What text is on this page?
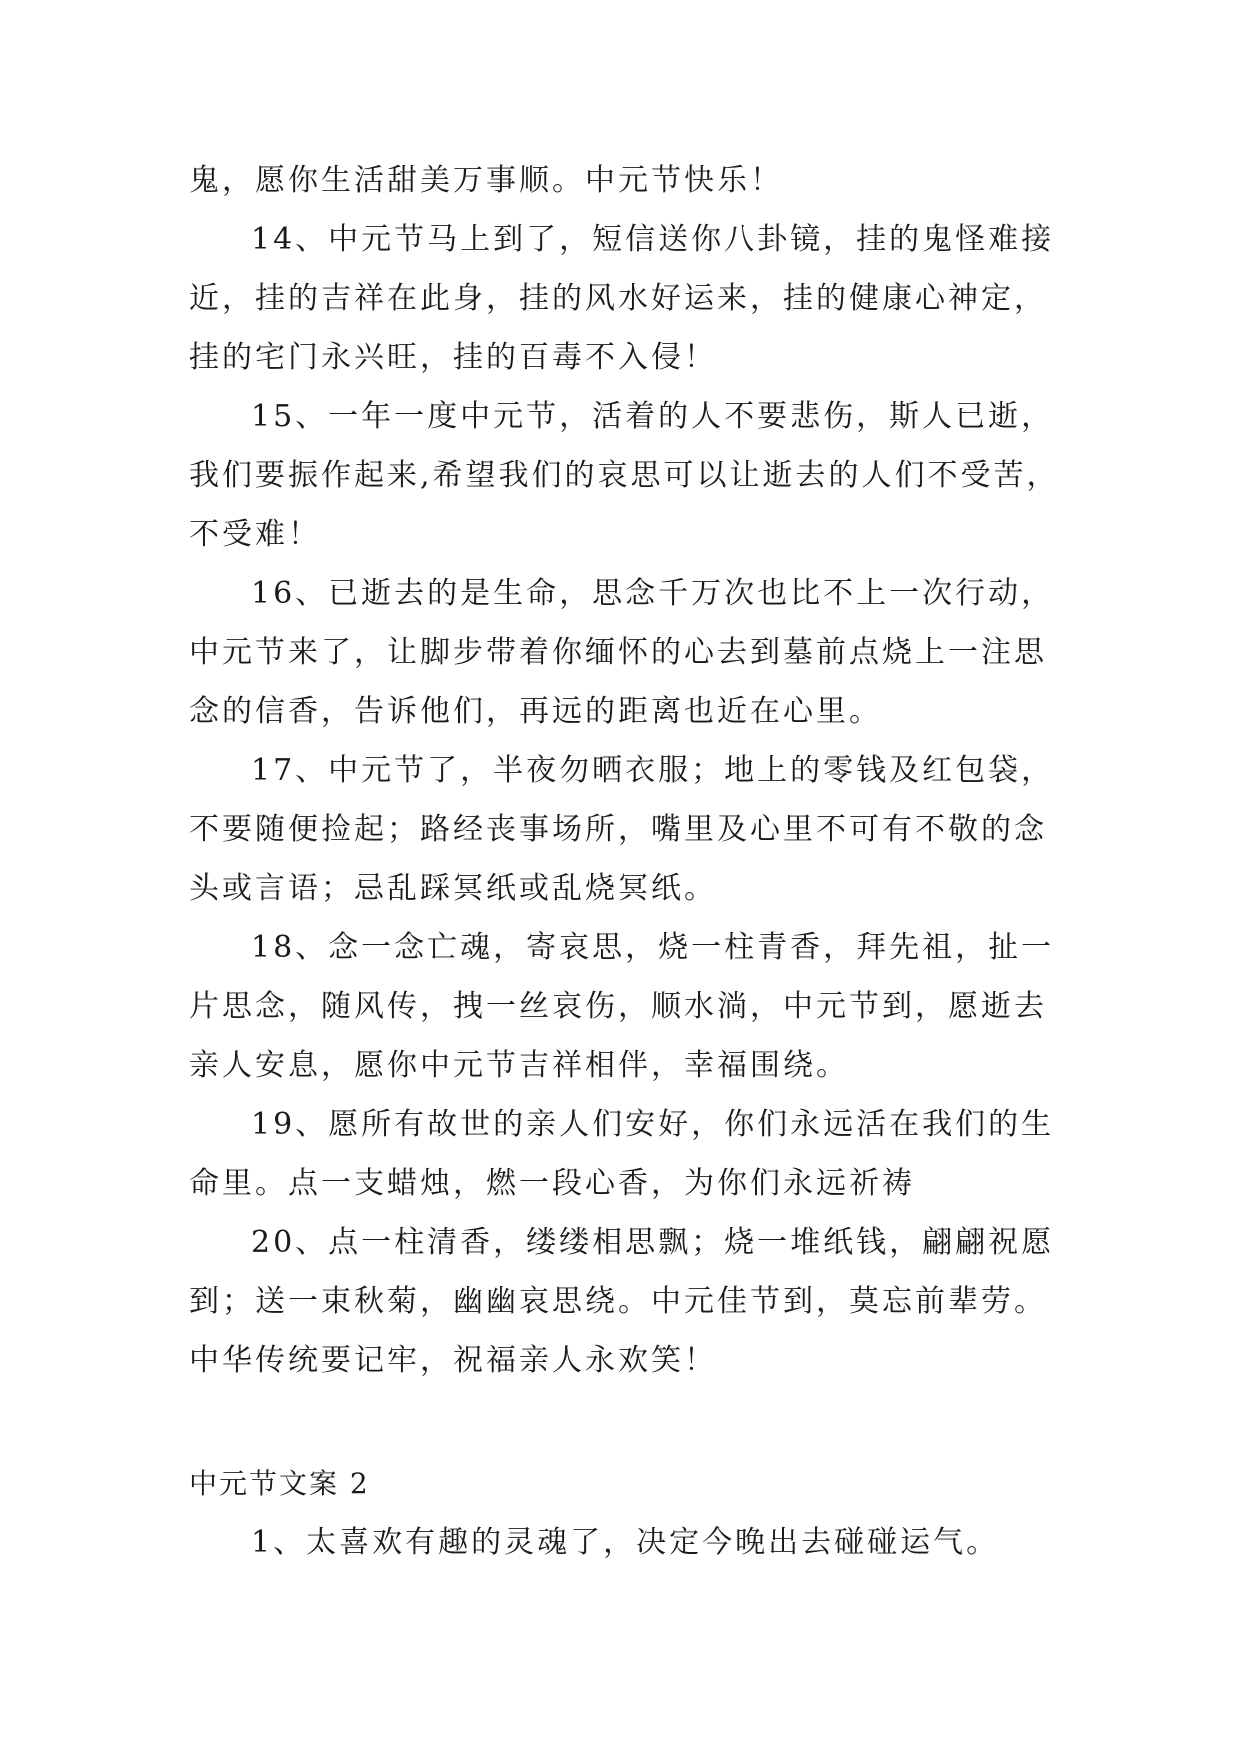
鬼，愿你生活甜美万事顺。中元节快乐！
14、中元节马上到了，短信送你八卦镜，挂的鬼怪难接
近，挂的吉祥在此身，挂的风水好运来，挂的健康心神定，
挂的宅门永兴旺，挂的百毒不入侵！
15、一年一度中元节，活着的人不要悲伤，斯人已逝，
我们要振作起来,希望我们的哀思可以让逝去的人们不受苦，
不受难！
16、已逝去的是生命，思念千万次也比不上一次行动，
中元节来了，让脚步带着你缅怀的心去到墓前点烧上一注思
念的信香，告诉他们，再远的距离也近在心里。
17、中元节了，半夜勿晒衣服；地上的零钱及红包袋，
不要随便捡起；路经丧事场所，嘴里及心里不可有不敬的念
头或言语；忌乱踩冥纸或乱烧冥纸。
18、念一念亡魂，寄哀思，烧一柱青香，拜先祖，扯一
片思念，随风传，拽一丝哀伤，顺水淌，中元节到，愿逝去
亲人安息，愿你中元节吉祥相伴，幸福围绕。
19、愿所有故世的亲人们安好，你们永远活在我们的生
命里。点一支蜡烛，燃一段心香，为你们永远祈祷
20、点一柱清香，缕缕相思飘；烧一堆纸钱，翩翩祝愿
到；送一束秋菊，幽幽哀思绕。中元佳节到，莫忘前辈劳。
中华传统要记牢，祝福亲人永欢笑！
中元节文案 2
1、太喜欢有趣的灵魂了，决定今晚出去碰碰运气。
